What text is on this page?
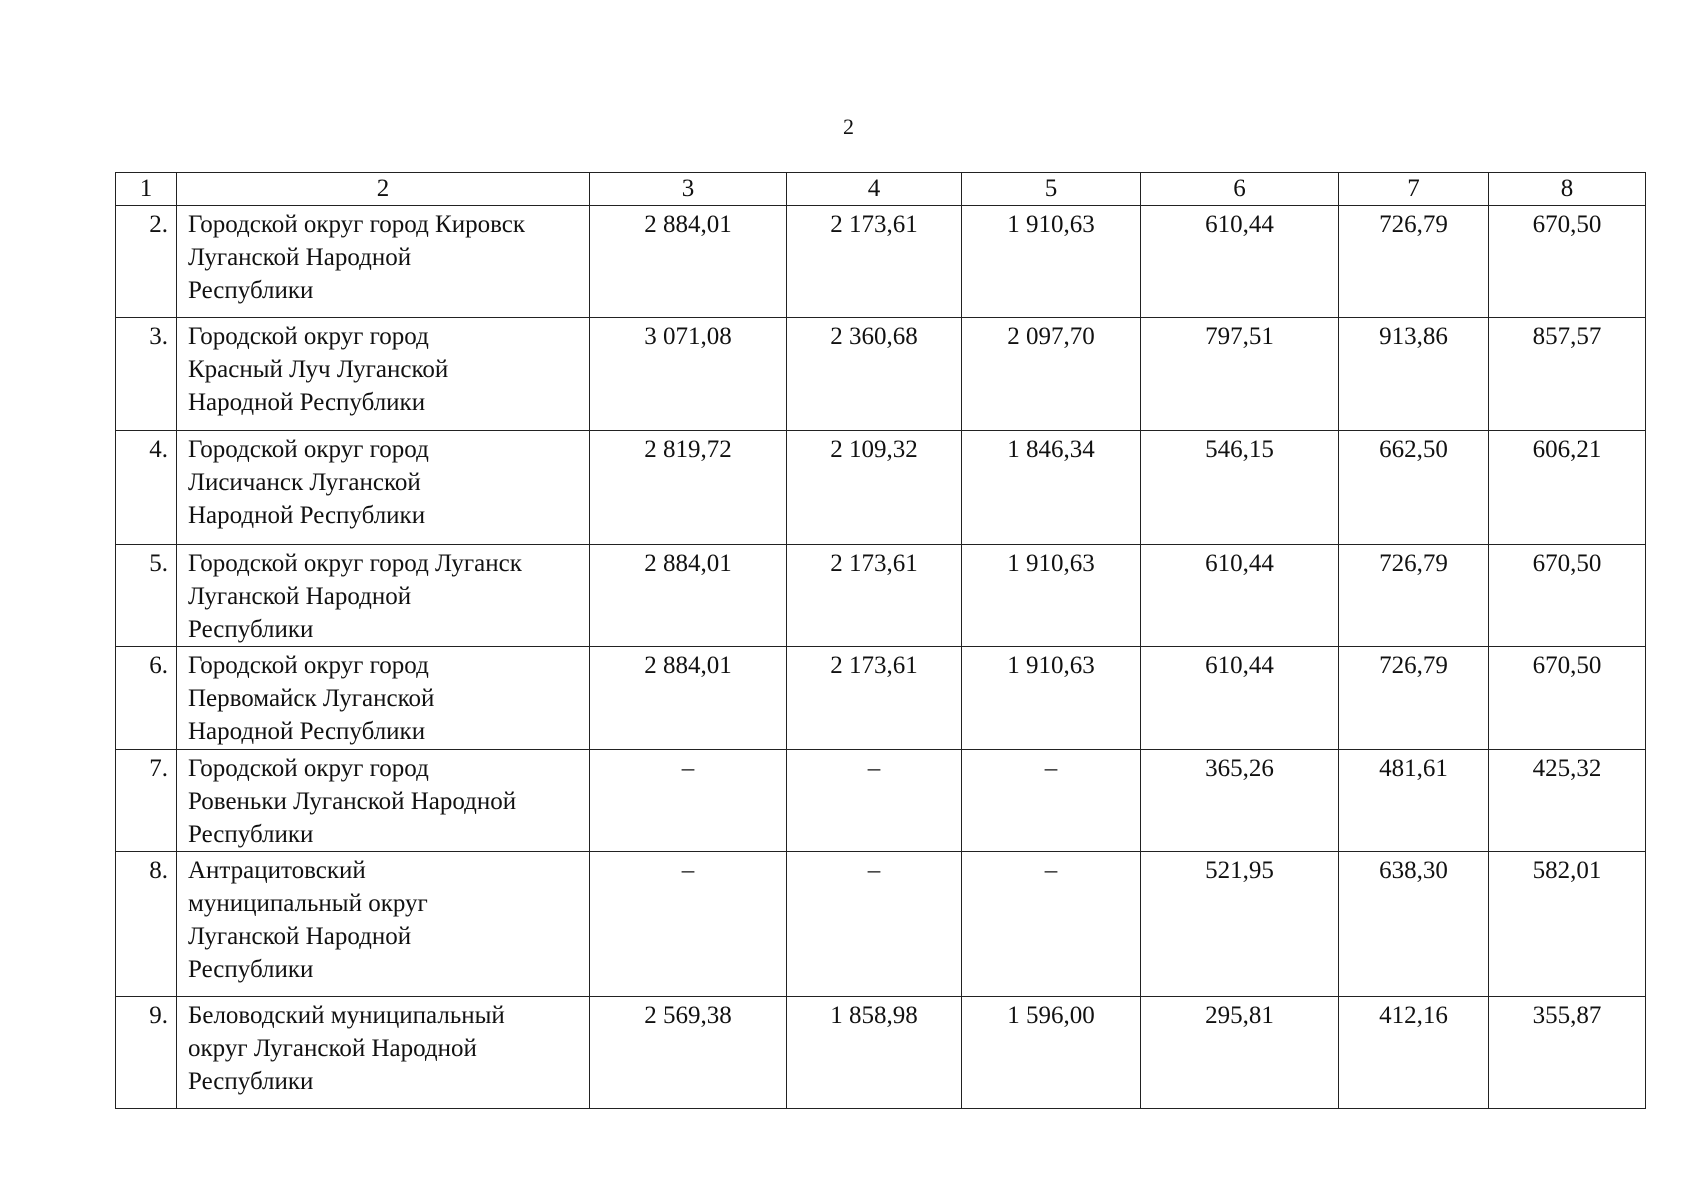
2
1	2	3	4	5	6	7	8
2.	Городской округ город Кировск
Луганской Народной
Республики	2 884,01	2 173,61	1 910,63	610,44	726,79	670,50
3.	Городской округ город
Красный Луч Луганской
Народной Республики	3 071,08	2 360,68	2 097,70	797,51	913,86	857,57
4.	Городской округ город
Лисичанск Луганской
Народной Республики	2 819,72	2 109,32	1 846,34	546,15	662,50	606,21
5.	Городской округ город Луганск
Луганской Народной
Республики	2 884,01	2 173,61	1 910,63	610,44	726,79	670,50
6.	Городской округ город
Первомайск Луганской
Народной Республики	2 884,01	2 173,61	1 910,63	610,44	726,79	670,50
7.	Городской округ город
Ровеньки Луганской Народной
Республики	–	–	–	365,26	481,61	425,32
8.	Антрацитовский
муниципальный округ
Луганской Народной
Республики	–	–	–	521,95	638,30	582,01
9.	Беловодский муниципальный
округ Луганской Народной
Республики	2 569,38	1 858,98	1 596,00	295,81	412,16	355,87
